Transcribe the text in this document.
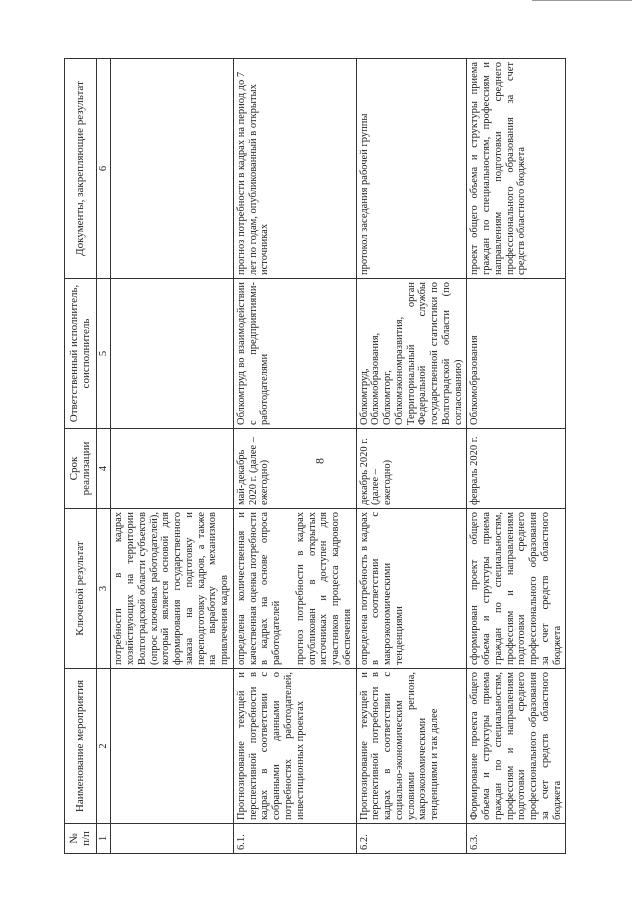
8
№ п/п	Наименование мероприятия	Ключевой результат	Срок реализации	Ответственный исполнитель, соисполнитель	Документы, закрепляющие результат
1	2	3	4	5	6
		потребности в кадрах хозяйствующих на территории Волгоградской области субъектов (опрос ключевых работодателей), который является основой для формирования государственного заказа на подготовку и переподготовку кадров, а также на выработку механизмов привлечения кадров			
6.1.	Прогнозирование текущей и перспективной потребности в кадрах в соответствии с собранными данными о потребностях работодателей, инвестиционных проектах	определена количественная и качественная оценка потребности в кадрах на основе опроса работодателей прогноз потребности в кадрах опубликован в открытых источниках и доступен для участников процесса кадрового обеспечения	май-декабрь 2020 г. (далее – ежегодно)	Облкомтруд во взаимодействии с предприятиями-работодателями	прогноз потребности в кадрах на период до 7 лет по годам, опубликованный в открытых источниках
6.2.	Прогнозирование текущей и перспективной потребности в кадрах в соответствии с социально-экономическим условиями региона, макроэкономическими тенденциями и так далее	определена потребность в кадрах в соответствии с макроэкономическими тенденциями	декабрь 2020 г. (далее – ежегодно)	Облкомтруд, Облкомобразования, Облкомторг, Облкомэкономразвития, Территориальный орган Федеральной службы государственной статистики по Волгоградской области (по согласованию)	протокол заседания рабочей группы
6.3.	Формирование проекта общего объема и структуры приема граждан по специальностям, профессиям и направлениям подготовки среднего профессионального образования за счет средств областного бюджета	сформирован проект общего объема и структуры приема граждан по специальностям, профессиям и направлениям подготовки среднего профессионального образования за счет средств областного бюджета	февраль 2020 г.	Облкомобразования	проект общего объема и структуры приема граждан по специальностям, профессиям и направлениям подготовки среднего профессионального образования за счет средств областного бюджета
